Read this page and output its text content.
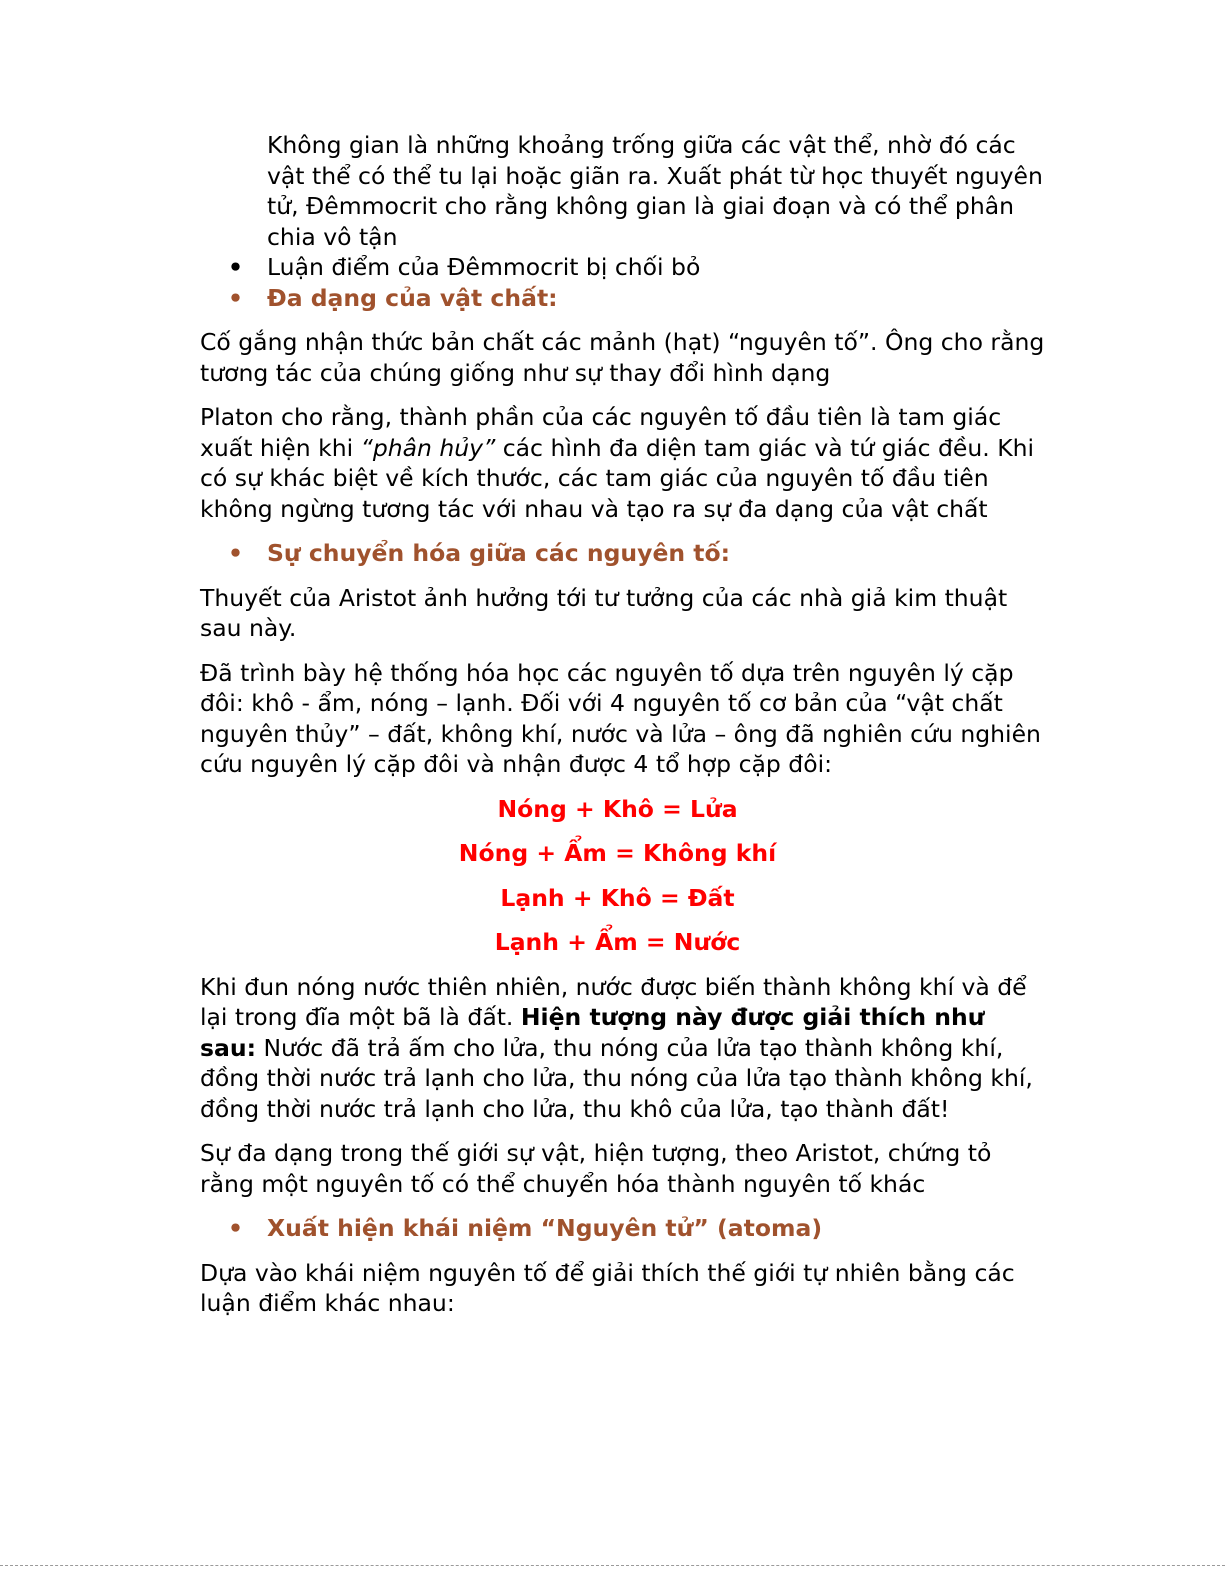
Không gian là những khoảng trống giữa các vật thể, nhờ đó các vật thể có thể tu lại hoặc giãn ra. Xuất phát từ học thuyết nguyên tử, Đêmmocrit cho rằng không gian là giai đoạn và có thể phân chia vô tận

• Luận điểm của Đêmmocrit bị chối bỏ

• Đa dạng của vật chất:

Cố gắng nhận thức bản chất các mảnh (hạt) “nguyên tố”. Ông cho rằng tương tác của chúng giống như sự thay đổi hình dạng

Platon cho rằng, thành phần của các nguyên tố đầu tiên là tam giác xuất hiện khi “phân hủy” các hình đa diện tam giác và tứ giác đều. Khi có sự khác biệt về kích thước, các tam giác của nguyên tố đầu tiên không ngừng tương tác với nhau và tạo ra sự đa dạng của vật chất

• Sự chuyển hóa giữa các nguyên tố:

Thuyết của Aristot ảnh hưởng tới tư tưởng của các nhà giả kim thuật sau này.

Đã trình bày hệ thống hóa học các nguyên tố dựa trên nguyên lý cặp đôi: khô - ẩm, nóng – lạnh. Đối với 4 nguyên tố cơ bản của “vật chất nguyên thủy” – đất, không khí, nước và lửa – ông đã nghiên cứu nghiên cứu nguyên lý cặp đôi và nhận được 4 tổ hợp cặp đôi:

Nóng + Khô = Lửa

Nóng + Ẩm = Không khí

Lạnh + Khô = Đất

Lạnh + Ẩm = Nước

Khi đun nóng nước thiên nhiên, nước được biến thành không khí và để lại trong đĩa một bã là đất. Hiện tượng này được giải thích như sau: Nước đã trả ấm cho lửa, thu nóng của lửa tạo thành không khí, đồng thời nước trả lạnh cho lửa, thu nóng của lửa tạo thành không khí, đồng thời nước trả lạnh cho lửa, thu khô của lửa, tạo thành đất!

Sự đa dạng trong thế giới sự vật, hiện tượng, theo Aristot, chứng tỏ rằng một nguyên tố có thể chuyển hóa thành nguyên tố khác

• Xuất hiện khái niệm “Nguyên tử” (atoma)

Dựa vào khái niệm nguyên tố để giải thích thế giới tự nhiên bằng các luận điểm khác nhau:
